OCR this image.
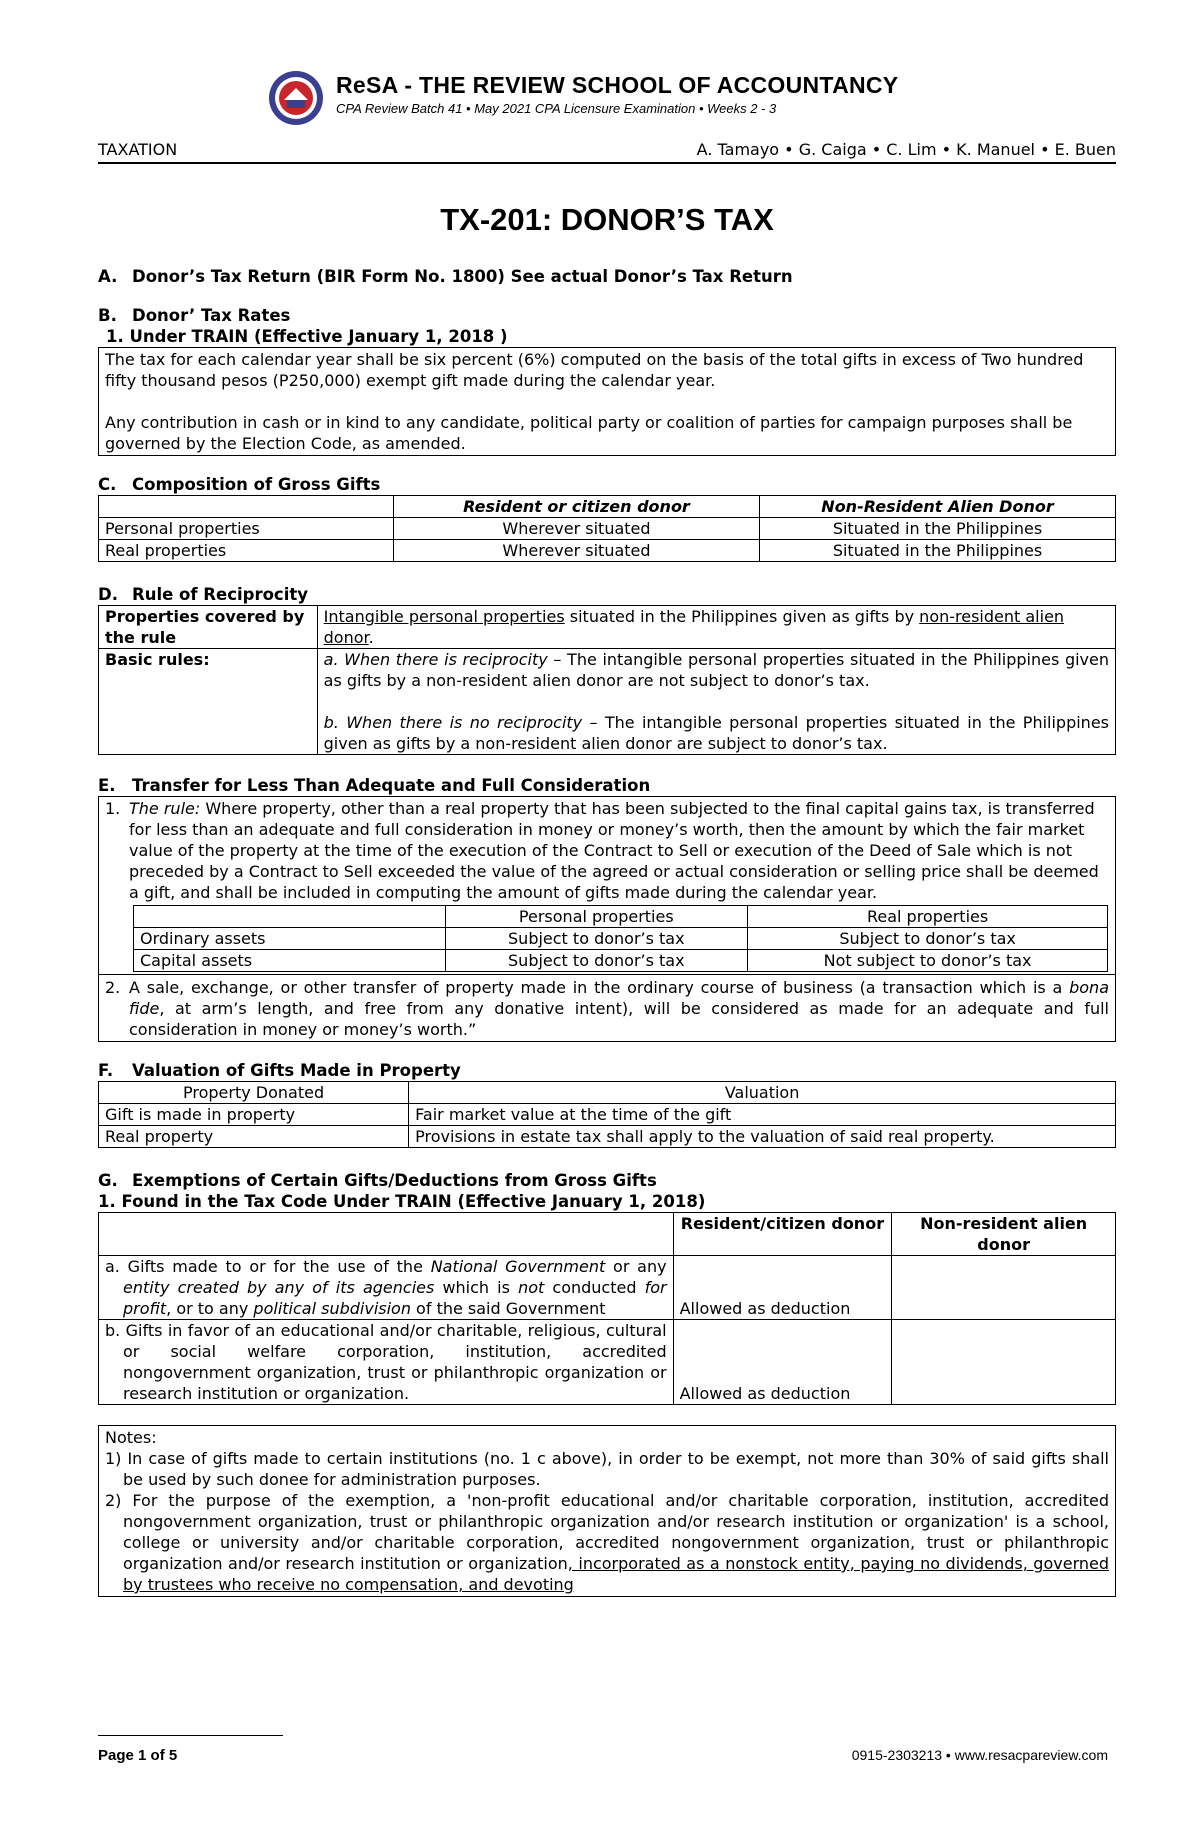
ReSA - THE REVIEW SCHOOL OF ACCOUNTANCY
CPA Review Batch 41 • May 2021 CPA Licensure Examination • Weeks 2 - 3
TAXATION	A. Tamayo • G. Caiga • C. Lim • K. Manuel • E. Buen
TX-201: DONOR’S TAX
A. Donor’s Tax Return (BIR Form No. 1800) See actual Donor’s Tax Return
B. Donor’ Tax Rates
1. Under TRAIN (Effective January 1, 2018 )
The tax for each calendar year shall be six percent (6%) computed on the basis of the total gifts in excess of Two hundred fifty thousand pesos (P250,000) exempt gift made during the calendar year.
Any contribution in cash or in kind to any candidate, political party or coalition of parties for campaign purposes shall be governed by the Election Code, as amended.
C. Composition of Gross Gifts
	Resident or citizen donor	Non-Resident Alien Donor
Personal properties	Wherever situated	Situated in the Philippines
Real properties	Wherever situated	Situated in the Philippines
D. Rule of Reciprocity
Properties covered by the rule	Intangible personal properties situated in the Philippines given as gifts by non-resident alien donor.
Basic rules:	a. When there is reciprocity – The intangible personal properties situated in the Philippines given as gifts by a non-resident alien donor are not subject to donor’s tax.
b. When there is no reciprocity – The intangible personal properties situated in the Philippines given as gifts by a non-resident alien donor are subject to donor’s tax.
E. Transfer for Less Than Adequate and Full Consideration
1. The rule: Where property, other than a real property that has been subjected to the final capital gains tax, is transferred for less than an adequate and full consideration in money or money’s worth, then the amount by which the fair market value of the property at the time of the execution of the Contract to Sell or execution of the Deed of Sale which is not preceded by a Contract to Sell exceeded the value of the agreed or actual consideration or selling price shall be deemed a gift, and shall be included in computing the amount of gifts made during the calendar year.
	Personal properties	Real properties
Ordinary assets	Subject to donor’s tax	Subject to donor’s tax
Capital assets	Subject to donor’s tax	Not subject to donor’s tax
2. A sale, exchange, or other transfer of property made in the ordinary course of business (a transaction which is a bona fide, at arm’s length, and free from any donative intent), will be considered as made for an adequate and full consideration in money or money’s worth.”
F. Valuation of Gifts Made in Property
Property Donated	Valuation
Gift is made in property	Fair market value at the time of the gift
Real property	Provisions in estate tax shall apply to the valuation of said real property.
G. Exemptions of Certain Gifts/Deductions from Gross Gifts
1. Found in the Tax Code Under TRAIN (Effective January 1, 2018)
	Resident/citizen donor	Non-resident alien donor
a. Gifts made to or for the use of the National Government or any entity created by any of its agencies which is not conducted for profit, or to any political subdivision of the said Government	Allowed as deduction	
b. Gifts in favor of an educational and/or charitable, religious, cultural or social welfare corporation, institution, accredited nongovernment organization, trust or philanthropic organization or research institution or organization.	Allowed as deduction	

Notes:

1) In case of gifts made to certain institutions (no. 1 c above), in order to be exempt, not more than 30% of said gifts shall be used by such donee for administration purposes.

2) For the purpose of the exemption, a 'non-profit educational and/or charitable corporation, institution, accredited nongovernment organization, trust or philanthropic organization and/or research institution or organization' is a school, college or university and/or charitable corporation, accredited nongovernment organization, trust or philanthropic organization and/or research institution or organization, incorporated as a nonstock entity, paying no dividends, governed by trustees who receive no compensation, and devoting

Page 1 of 5	0915-2303213 • www.resacpareview.com
